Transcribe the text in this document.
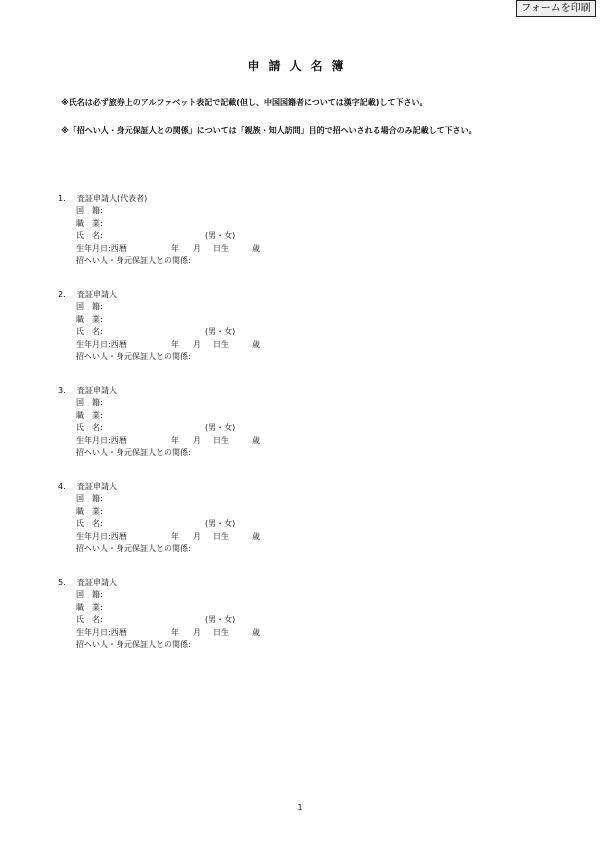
フォームを印刷
申請人名簿

※氏名は必ず旅券上のアルファベット表記で記載(但し、中国国籍者については漢字記載)して下さい。

※「招へい人・身元保証人との関係」については「親族・知人訪問」目的で招へいされる場合のみ記載して下さい。

1. 査証申請人(代表者)
国　籍:
職　業:
氏　名:	(男・女)
生年月日:西暦	年 月 日生	歳
招へい人・身元保証人との関係:
2. 査証申請人
国　籍:
職　業:
氏　名:	(男・女)
生年月日:西暦	年 月 日生	歳
招へい人・身元保証人との関係:
3. 査証申請人
国　籍:
職　業:
氏　名:	(男・女)
生年月日:西暦	年 月 日生	歳
招へい人・身元保証人との関係:
4. 査証申請人
国　籍:
職　業:
氏　名:	(男・女)
生年月日:西暦	年 月 日生	歳
招へい人・身元保証人との関係:
5. 査証申請人
国　籍:
職　業:
氏　名:	(男・女)
生年月日:西暦	年 月 日生	歳
招へい人・身元保証人との関係:
1
